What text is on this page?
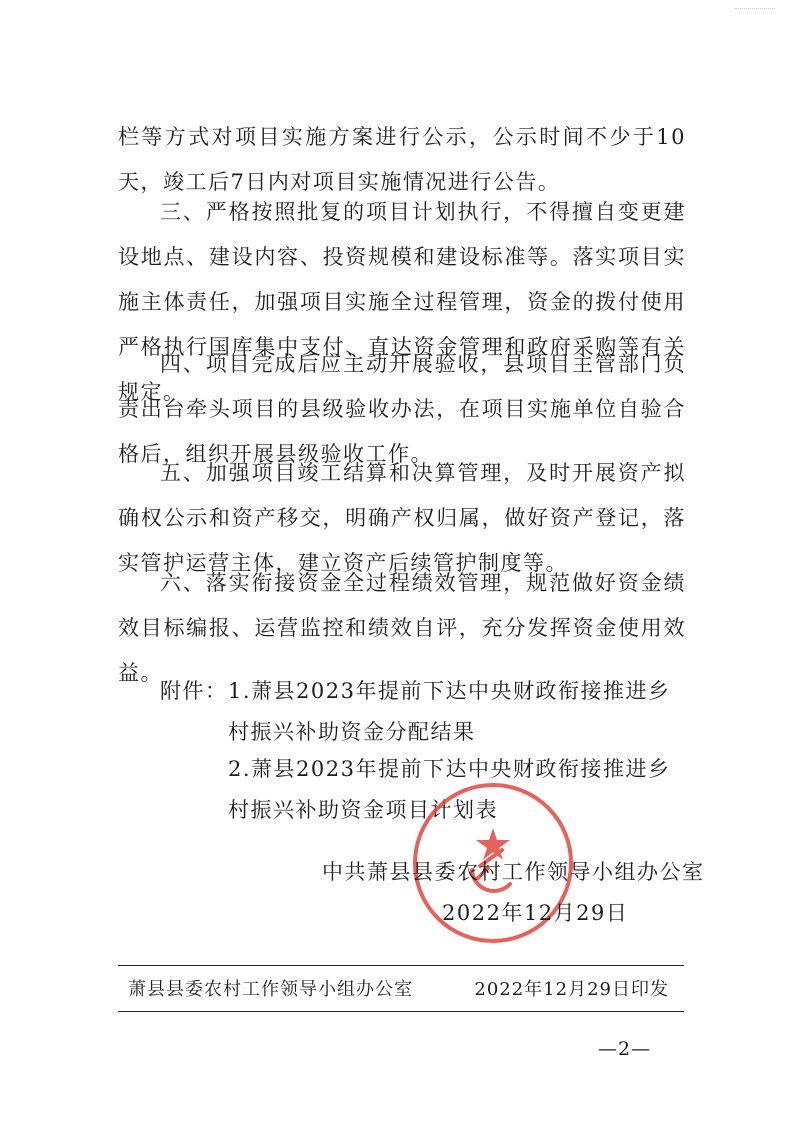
栏等方式对项目实施方案进行公示，公示时间不少于10天，竣工后7日内对项目实施情况进行公告。

三、严格按照批复的项目计划执行，不得擅自变更建设地点、建设内容、投资规模和建设标准等。落实项目实施主体责任，加强项目实施全过程管理，资金的拨付使用严格执行国库集中支付、直达资金管理和政府采购等有关规定。

四、项目完成后应主动开展验收，县项目主管部门负责出台牵头项目的县级验收办法，在项目实施单位自验合格后，组织开展县级验收工作。

五、加强项目竣工结算和决算管理，及时开展资产拟确权公示和资产移交，明确产权归属，做好资产登记，落实管护运营主体，建立资产后续管护制度等。

六、落实衔接资金全过程绩效管理，规范做好资金绩效目标编报、运营监控和绩效自评，充分发挥资金使用效益。

附件： 1.萧县2023年提前下达中央财政衔接推进乡村振兴补助资金分配结果

2.萧县2023年提前下达中央财政衔接推进乡村振兴补助资金项目计划表

中共萧县县委农村工作领导小组办公室
2022年12月29日
萧县县委农村工作领导小组办公室	2022年12月29日印发
—2—
